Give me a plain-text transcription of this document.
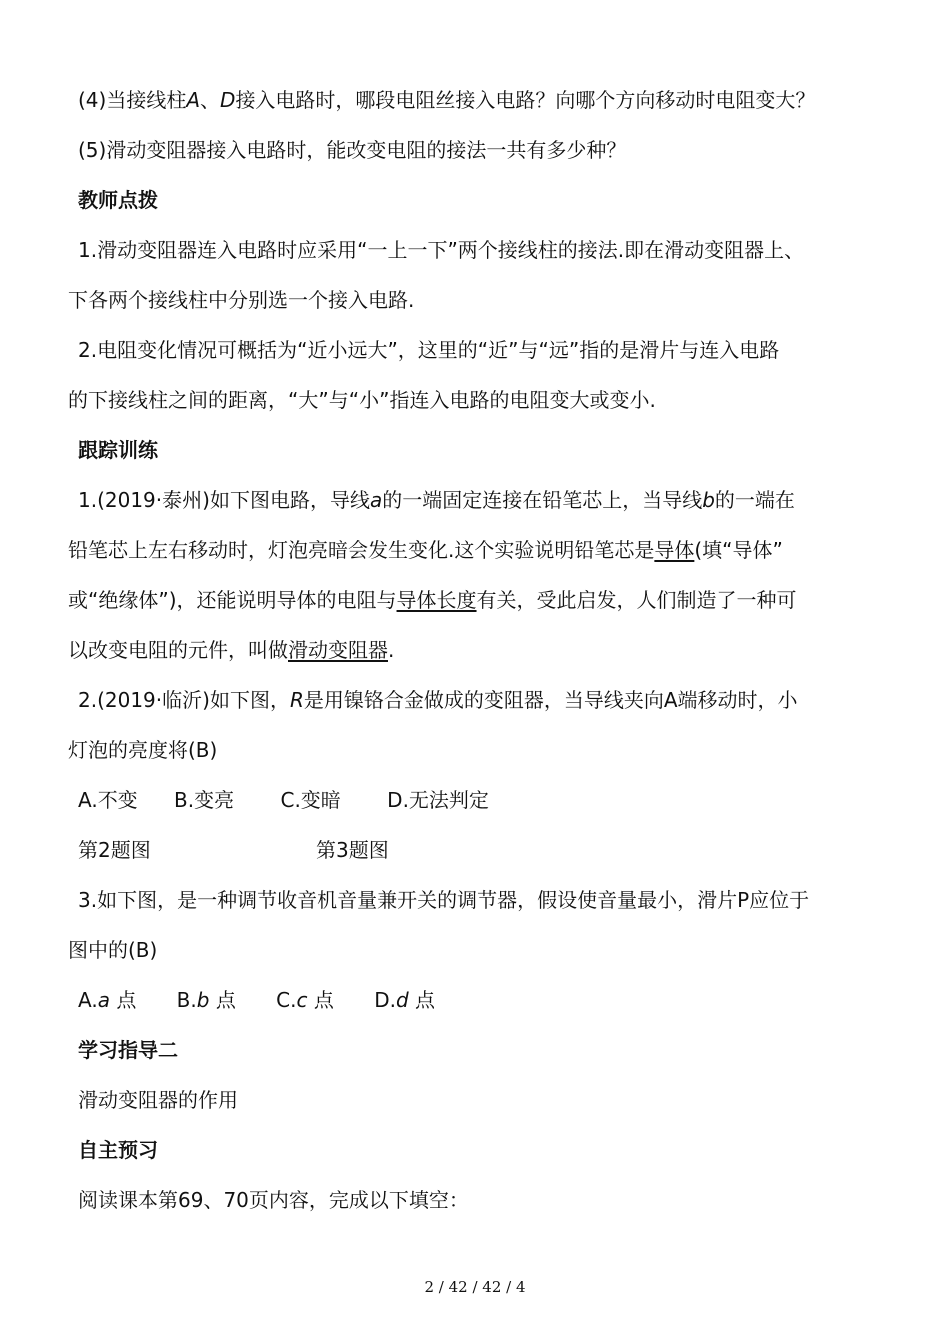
(4)当接线柱A、D接入电路时，哪段电阻丝接入电路？向哪个方向移动时电阻变大？
(5)滑动变阻器接入电路时，能改变电阻的接法一共有多少种？
教师点拨
1.滑动变阻器连入电路时应采用“一上一下”两个接线柱的接法.即在滑动变阻器上、
下各两个接线柱中分别选一个接入电路.
2.电阻变化情况可概括为“近小远大”，这里的“近”与“远”指的是滑片与连入电路
的下接线柱之间的距离，“大”与“小”指连入电路的电阻变大或变小.
跟踪训练
1.(2019·泰州)如下图电路，导线a的一端固定连接在铅笔芯上，当导线b的一端在
铅笔芯上左右移动时，灯泡亮暗会发生变化.这个实验说明铅笔芯是导体(填“导体”
或“绝缘体”)，还能说明导体的电阻与导体长度有关，受此启发，人们制造了一种可
以改变电阻的元件，叫做滑动变阻器.
2.(2019·临沂)如下图，R是用镍铬合金做成的变阻器，当导线夹向A端移动时，小
灯泡的亮度将(B)
A.不变 B.变亮 C.变暗 D.无法判定
第2题图	第3题图
3.如下图，是一种调节收音机音量兼开关的调节器，假设使音量最小，滑片P应位于
图中的(B)
A.a 点 B.b 点 C.c 点 D.d 点
学习指导二
滑动变阻器的作用
自主预习
阅读课本第69、70页内容，完成以下填空：
2 / 42 / 42 / 4
